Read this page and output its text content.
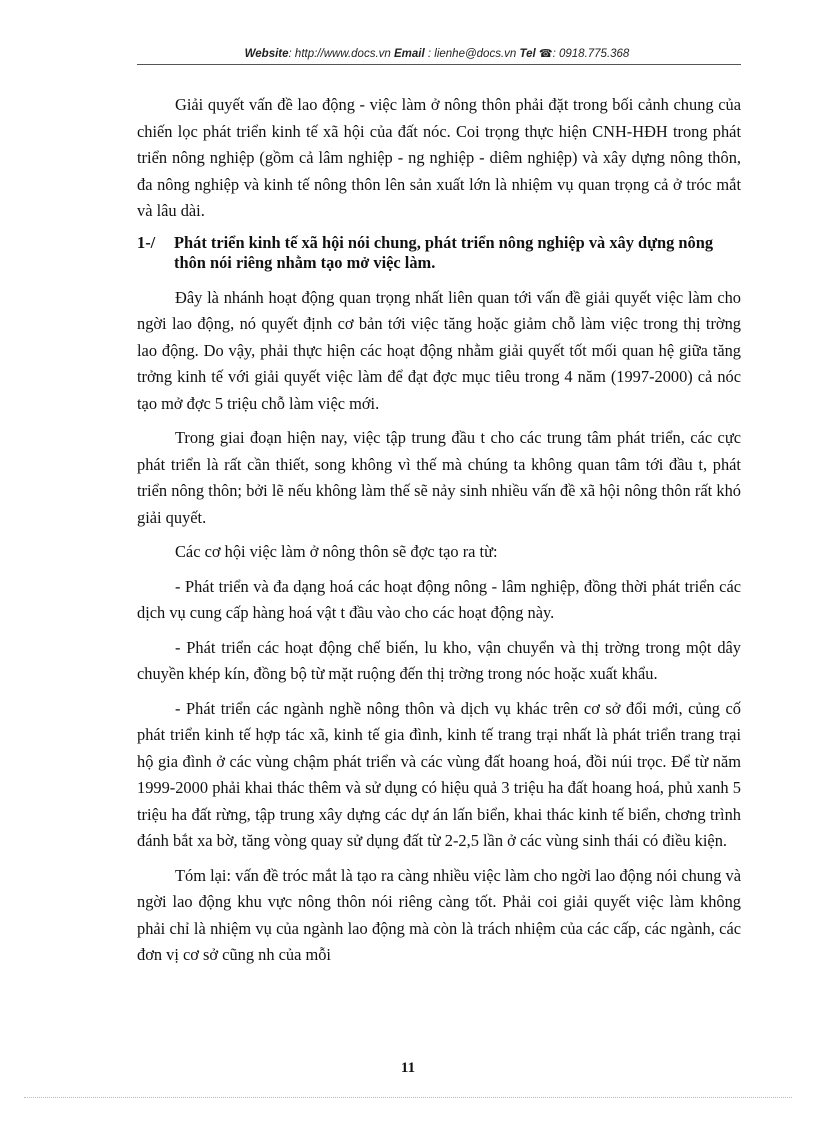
Website: http://www.docs.vn Email : lienhe@docs.vn Tel ☎: 0918.775.368

Giải quyết vấn đề lao động - việc làm ở nông thôn phải đặt trong bối cảnh chung của chiến lọc phát triển kinh tế xã hội của đất nóc. Coi trọng thực hiện CNH-HĐH trong phát triển nông nghiệp (gồm cả lâm nghiệp - ng nghiệp - diêm nghiệp) và xây dựng nông thôn, đa nông nghiệp và kinh tế nông thôn lên sản xuất lớn là nhiệm vụ quan trọng cả ở tróc mắt và lâu dài.

1-/	Phát triển kinh tế xã hội nói chung, phát triển nông nghiệp và xây dựng nông thôn nói riêng nhằm tạo mở việc làm.

Đây là nhánh hoạt động quan trọng nhất liên quan tới vấn đề giải quyết việc làm cho ngời lao động, nó quyết định cơ bản tới việc tăng hoặc giảm chỗ làm việc trong thị trờng lao động. Do vậy, phải thực hiện các hoạt động nhằm giải quyết tốt mối quan hệ giữa tăng trởng kinh tế với giải quyết việc làm để đạt đợc mục tiêu trong 4 năm (1997-2000) cả nóc tạo mở đợc 5 triệu chỗ làm việc mới.

Trong giai đoạn hiện nay, việc tập trung đầu t cho các trung tâm phát triển, các cực phát triển là rất cần thiết, song không vì thế mà chúng ta không quan tâm tới đầu t, phát triển nông thôn; bởi lẽ nếu không làm thế sẽ nảy sinh nhiều vấn đề xã hội nông thôn rất khó giải quyết.

Các cơ hội việc làm ở nông thôn sẽ đợc tạo ra từ:

- Phát triển và đa dạng hoá các hoạt động nông - lâm nghiệp, đồng thời phát triển các dịch vụ cung cấp hàng hoá vật t đầu vào cho các hoạt động này.

- Phát triển các hoạt động chế biến, lu kho, vận chuyển và thị trờng trong một dây chuyền khép kín, đồng bộ từ mặt ruộng đến thị trờng trong nóc hoặc xuất khẩu.

- Phát triển các ngành nghề nông thôn và dịch vụ khác trên cơ sở đổi mới, củng cố phát triển kinh tế hợp tác xã, kinh tế gia đình, kinh tế trang trại nhất là phát triển trang trại hộ gia đình ở các vùng chậm phát triển và các vùng đất hoang hoá, đồi núi trọc. Để từ năm 1999-2000 phải khai thác thêm và sử dụng có hiệu quả 3 triệu ha đất hoang hoá, phủ xanh 5 triệu ha đất rừng, tập trung xây dựng các dự án lấn biển, khai thác kinh tế biển, chơng trình đánh bắt xa bờ, tăng vòng quay sử dụng đất từ 2-2,5 lần ở các vùng sinh thái có điều kiện.

Tóm lại: vấn đề tróc mắt là tạo ra càng nhiều việc làm cho ngời lao động nói chung và ngời lao động khu vực nông thôn nói riêng càng tốt. Phải coi giải quyết việc làm không phải chỉ là nhiệm vụ của ngành lao động mà còn là trách nhiệm của các cấp, các ngành, các đơn vị cơ sở cũng nh của mỗi

11
